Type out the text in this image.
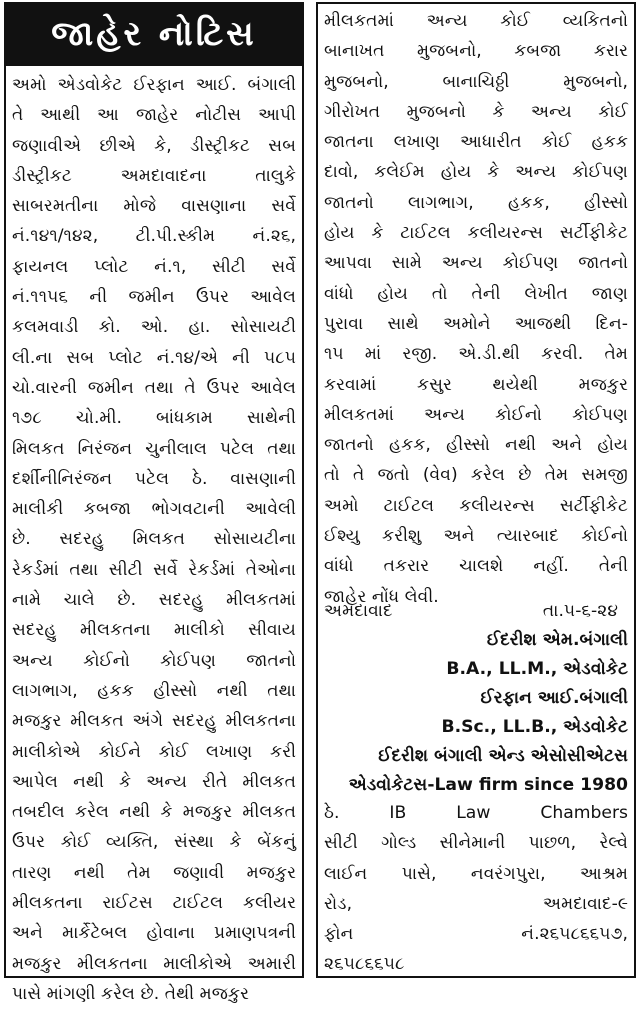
જાહેર નોટિસ
અમો એડવોકેટ ઈરફાન આઈ. બંગાલી
તે આથી આ જાહેર નોટીસ આપી
જણાવીએ છીએ કે, ડીસ્ટ્રીકટ સબ
ડીસ્ટ્રીકટ અમદાવાદના તાલુકે
સાબરમતીના મોજે વાસણાના સર્વે
નં.૧૪૧/૧૪૨, ટી.પી.સ્કીમ નં.૨૬,
ફાયનલ પ્લોટ નં.૧, સીટી સર્વે
નં.૧૧૫૬ ની જમીન ઉપર આવેલ
કલમવાડી કો. ઓ. હા. સોસાયટી
લી.ના સબ પ્લોટ નં.૧૪/એ ની ૫૮૫
ચો.વારની જમીન તથા તે ઉપર આવેલ
૧૭૮ ચો.મી. બાંધકામ સાથેની
મિલકત નિરંજન ચુનીલાલ પટેલ તથા
દર્શીનીનિરંજન પટેલ ઠે. વાસણાની
માલીકી કબજા ભોગવટાની આવેલી
છે. સદરહુ મિલકત સોસાયટીના
રેકર્ડમાં તથા સીટી સર્વે રેકર્ડમાં તેઓના
નામે ચાલે છે. સદરહુ મીલકતમાં
સદરહુ મીલકતના માલીકો સીવાય
અન્ય કોઈનો કોઈપણ જાતનો
લાગભાગ, હકક હીસ્સો નથી તથા
મજકુર મીલકત અંગે સદરહુ મીલકતના
માલીકોએ કોઈને કોઈ લખાણ કરી
આપેલ નથી કે અન્ય રીતે મીલકત
તબદીલ કરેલ નથી કે મજકુર મીલકત
ઉપર કોઈ વ્યક્તિ, સંસ્થા કે બેંકનું
તારણ નથી તેમ જણાવી મજકુર
મીલકતના રાઈટસ ટાઈટલ કલીયર
અને માર્કેટેબલ હોવાના પ્રમાણપત્રની
મજકુર મીલકતના માલીકોએ અમારી
પાસે માંગણી કરેલ છે. તેથી મજકુર
મીલકતમાં અન્ય કોઈ વ્યકિતનો
બાનાખત મુજબનો, કબજા કરાર
મુજબનો, બાનાચિઠ્ઠી મુજબનો,
ગીરોખત મુજબનો કે અન્ય કોઈ
જાતના લખાણ આધારીત કોઈ હકક
દાવો, કલેઈમ હોય કે અન્ય કોઈપણ
જાતનો લાગભાગ, હકક, હીસ્સો
હોય કે ટાઈટલ કલીયરન્સ સર્ટીફીકેટ
આપવા સામે અન્ય કોઈપણ જાતનો
વાંધો હોય તો તેની લેખીત જાણ
પુરાવા સાથે અમોને આજથી દિન-
૧૫ માં રજી. એ.ડી.થી કરવી. તેમ
કરવામાં કસુર થયેથી મજકુર
મીલકતમાં અન્ય કોઈનો કોઈપણ
જાતનો હકક, હીસ્સો નથી અને હોય
તો તે જતો (વેવ) કરેલ છે તેમ સમજી
અમો ટાઈટલ કલીયરન્સ સર્ટીફીકેટ
ઈશ્યુ કરીશુ અને ત્યારબાદ કોઈનો
વાંધો તકરાર ચાલશે નહીં. તેની
જાહેર નોંધ લેવી.
અમદાવાદ	તા.૫-૬-૨૪
ઈદરીશ એમ.બંગાલી
B.A., LL.M., એડવોકેટ
ઈરફાન આઈ.બંગાલી
B.Sc., LL.B., એડવોકેટ
ઈદરીશ બંગાલી એન્ડ એસોસીએટસ
એડવોકેટસ-Law firm since 1980
ઠે. IB Law Chambers
સીટી ગોલ્ડ સીનેમાની પાછળ, રેલ્વે
લાઈન પાસે, નવરંગપુરા, આશ્રમ
રોડ, અમદાવાદ-૯
ફોન નં.૨૬૫૮૬૬૫૭,
૨૬૫૮૬૬૫૮
